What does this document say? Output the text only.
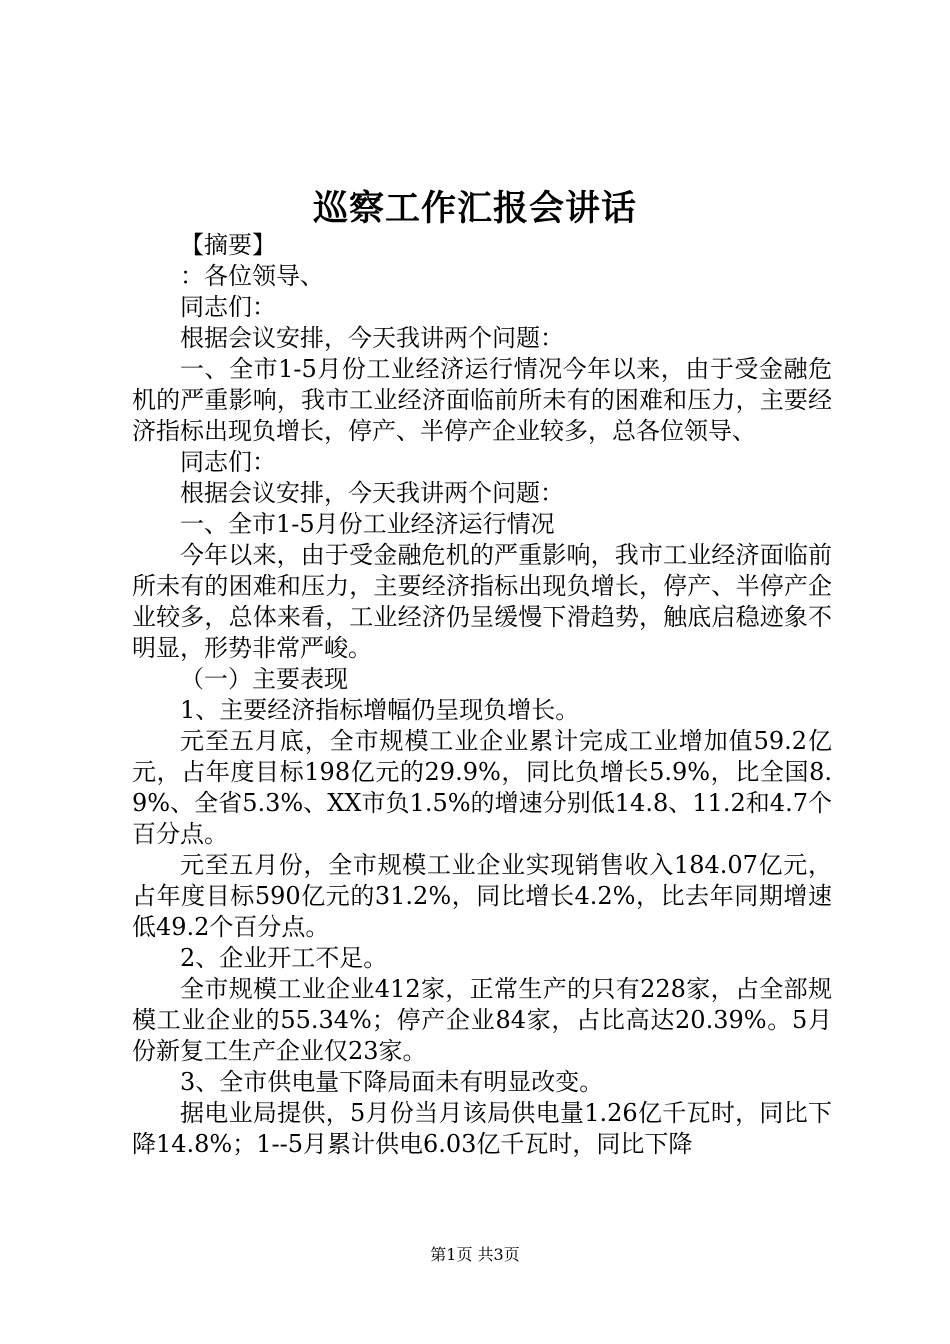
巡察工作汇报会讲话

【摘要】

：各位领导、

同志们：

根据会议安排，今天我讲两个问题：

一、全市1-5月份工业经济运行情况今年以来，由于受金融危机的严重影响，我市工业经济面临前所未有的困难和压力，主要经济指标出现负增长，停产、半停产企业较多，总各位领导、

同志们：

根据会议安排，今天我讲两个问题：

一、全市1-5月份工业经济运行情况

今年以来，由于受金融危机的严重影响，我市工业经济面临前所未有的困难和压力，主要经济指标出现负增长，停产、半停产企业较多，总体来看，工业经济仍呈缓慢下滑趋势，触底启稳迹象不明显，形势非常严峻。

（一）主要表现

1、主要经济指标增幅仍呈现负增长。

元至五月底，全市规模工业企业累计完成工业增加值59.2亿元，占年度目标198亿元的29.9%，同比负增长5.9%，比全国8.9%、全省5.3%、XX市负1.5%的增速分别低14.8、11.2和4.7个百分点。

元至五月份，全市规模工业企业实现销售收入184.07亿元，占年度目标590亿元的31.2%，同比增长4.2%，比去年同期增速低49.2个百分点。

2、企业开工不足。

全市规模工业企业412家，正常生产的只有228家，占全部规模工业企业的55.34%；停产企业84家，占比高达20.39%。5月份新复工生产企业仅23家。

3、全市供电量下降局面未有明显改变。

据电业局提供，5月份当月该局供电量1.26亿千瓦时，同比下降14.8%；1--5月累计供电6.03亿千瓦时，同比下降

第1页 共3页
